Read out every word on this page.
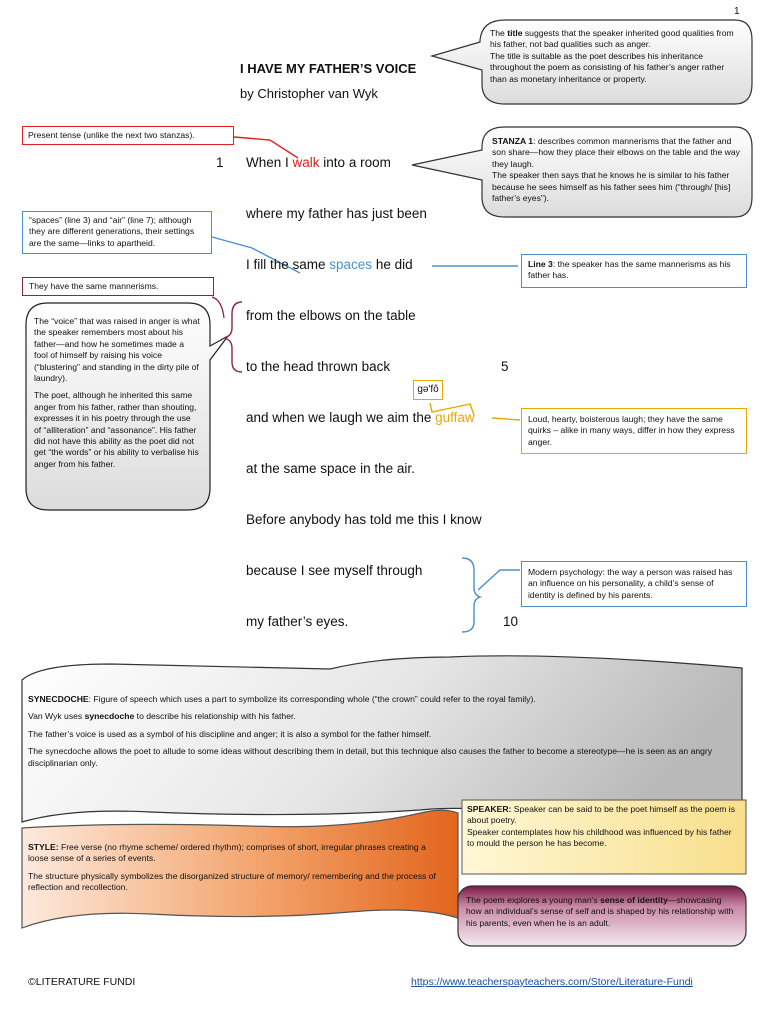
1
I HAVE MY FATHER’S VOICE
by Christopher van Wyk

The title suggests that the speaker inherited good qualities from his father, not bad qualities such as anger.

The title is suitable as the poet describes his inheritance throughout the poem as consisting of his father’s anger rather than as monetary inheritance or property.

Present tense (unlike the next two stanzas).

STANZA 1: describes common mannerisms that the father and son share—how they place their elbows on the table and the way they laugh.

The speaker then says that he knows he is similar to his father because he sees himself as his father sees him (“through/ [his] father’s eyes”).

“spaces” (line 3) and “air” (line 7); although they are different generations, their settings are the same—links to apartheid.
Line 3: the speaker has the same mannerisms as his father has.
They have the same mannerisms.

The “voice” that was raised in anger is what the speaker remembers most about his father—and how he sometimes made a fool of himself by raising his voice (“blustering” and standing in the dirty pile of laundry).

The poet, although he inherited this same anger from his father, rather than shouting, expresses it in his poetry through the use of “alliteration” and “assonance”. His father did not have this ability as the poet did not get “the words” or his ability to verbalise his anger from his father.

gə'fô
Loud, hearty, boisterous laugh; they have the same quirks – alike in many ways, differ in how they express anger.
Modern psychology: the way a person was raised has an influence on his personality, a child’s sense of identity is defined by his parents.
1
5
10
When I walk into a room
where my father has just been
I fill the same spaces he did
from the elbows on the table
to the head thrown back
and when we laugh we aim the guffaw
at the same space in the air.
Before anybody has told me this I know
because I see myself through
my father’s eyes.

SYNECDOCHE: Figure of speech which uses a part to symbolize its corresponding whole (“the crown” could refer to the royal family).

Van Wyk uses synecdoche to describe his relationship with his father.

The father’s voice is used as a symbol of his discipline and anger; it is also a symbol for the father himself.

The synecdoche allows the poet to allude to some ideas without describing them in detail, but this technique also causes the father to become a stereotype—he is seen as an angry disciplinarian only.

SPEAKER: Speaker can be said to be the poet himself as the poem is about poetry.
Speaker contemplates how his childhood was influenced by his father to mould the person he has become.

STYLE: Free verse (no rhyme scheme/ ordered rhythm); comprises of short, irregular phrases creating a loose sense of a series of events.

The structure physically symbolizes the disorganized structure of memory/ remembering and the process of reflection and recollection.

The poem explores a young man’s sense of identity—showcasing how an individual’s sense of self and is shaped by his relationship with his parents, even when he is an adult.
©LITERATURE FUNDI	https://www.teacherspayteachers.com/Store/Literature-Fundi
